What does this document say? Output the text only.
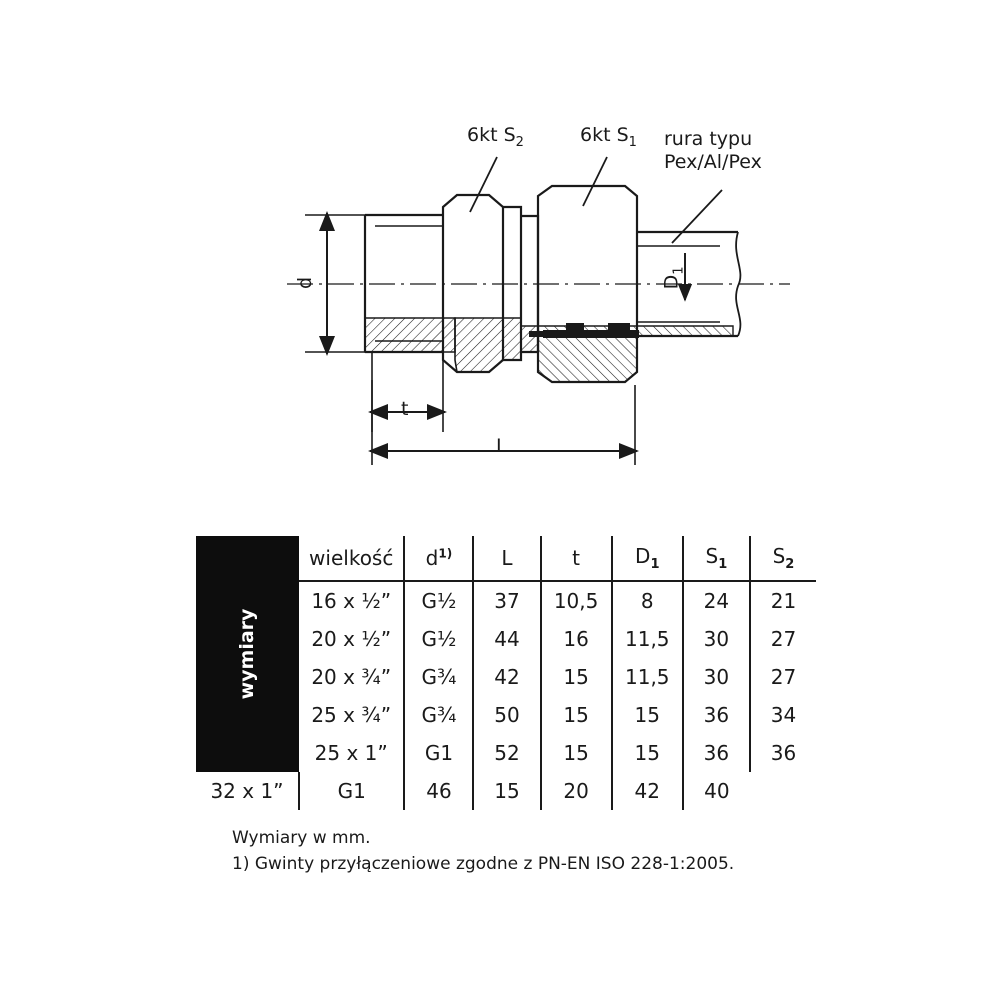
6kt $S_2$	6kt $S_1$ rura typu
Pex/Al/Pex
d	$D_1$
t
L
wymiary	wielkość	$d^{1)}$	L	t	$D_1$	$S_1$	$S_2$

	16 x ½”	G½	37	10,5	8	24	21
	20 x ½”	G½	44	16	11,5	30	27
	20 x ¾”	G¾	42	15	11,5	30	27
	25 x ¾”	G¾	50	15	15	36	34
	25 x 1”	G1	52	15	15	36	36
32 x 1”	G1	46	15	20	42	40	
Wymiary w mm.
1) Gwinty przyłączeniowe zgodne z PN-EN ISO 228-1:2005.
